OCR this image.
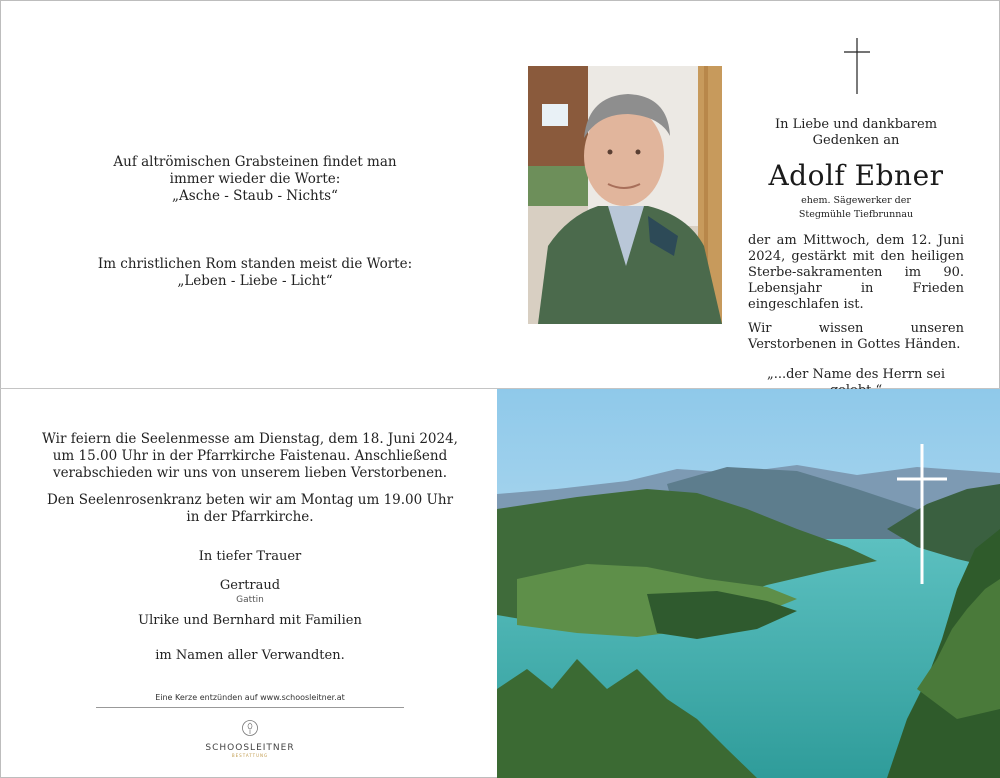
Auf altrömischen Grabsteinen findet man
immer wieder die Worte:
„Asche - Staub - Nichts“

Im christlichen Rom standen meist die Worte:
„Leben - Liebe - Licht“

In Liebe und dankbarem
Gedenken an
Adolf Ebner
ehem. Sägewerker der
Stegmühle Tiefbrunnau
der am Mittwoch, dem 12. Juni 2024, gestärkt mit den heiligen Sterbe-sakramenten im 90. Lebensjahr in Frieden eingeschlafen ist.
Wir wissen unseren Verstorbenen in Gottes Händen.
„...der Name des Herrn sei
Wir feiern die Seelenmesse am Dienstag, dem 18. Juni 2024,
um 15.00 Uhr in der Pfarrkirche Faistenau. Anschließend
verabschieden wir uns von unserem lieben Verstorbenen.
Den Seelenrosenkranz beten wir am Montag um 19.00 Uhr
in der Pfarrkirche.
In tiefer Trauer
Gertraud
Gattin
Ulrike und Bernhard mit Familien
im Namen aller Verwandten.
Eine Kerze entzünden auf www.schoosleitner.at
SCHOOSLEITNER
BESTATTUNG
